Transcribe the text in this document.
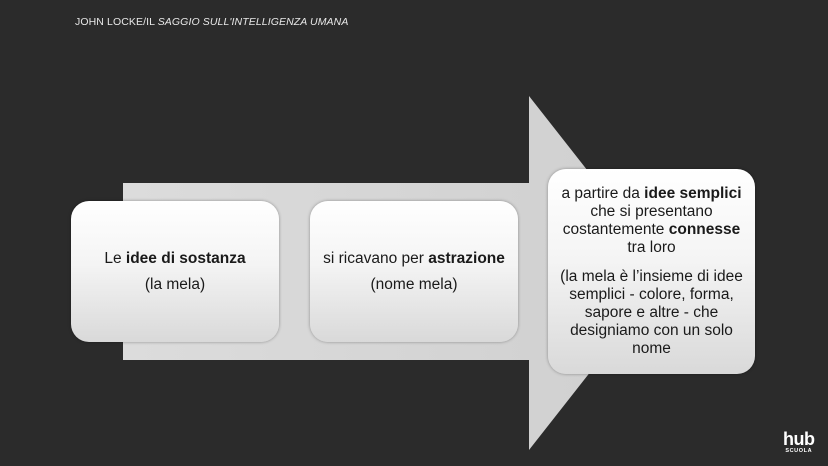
JOHN LOCKE/IL SAGGIO SULL'INTELLIGENZA UMANA

Le idee di sostanza

(la mela)

si ricavano per astrazione

(nome mela)

a partire da idee semplici che si presentano costantemente connesse tra loro

(la mela è l’insieme di idee semplici - colore, forma, sapore e altre - che designiamo con un solo nome

hub
SCUOLA
